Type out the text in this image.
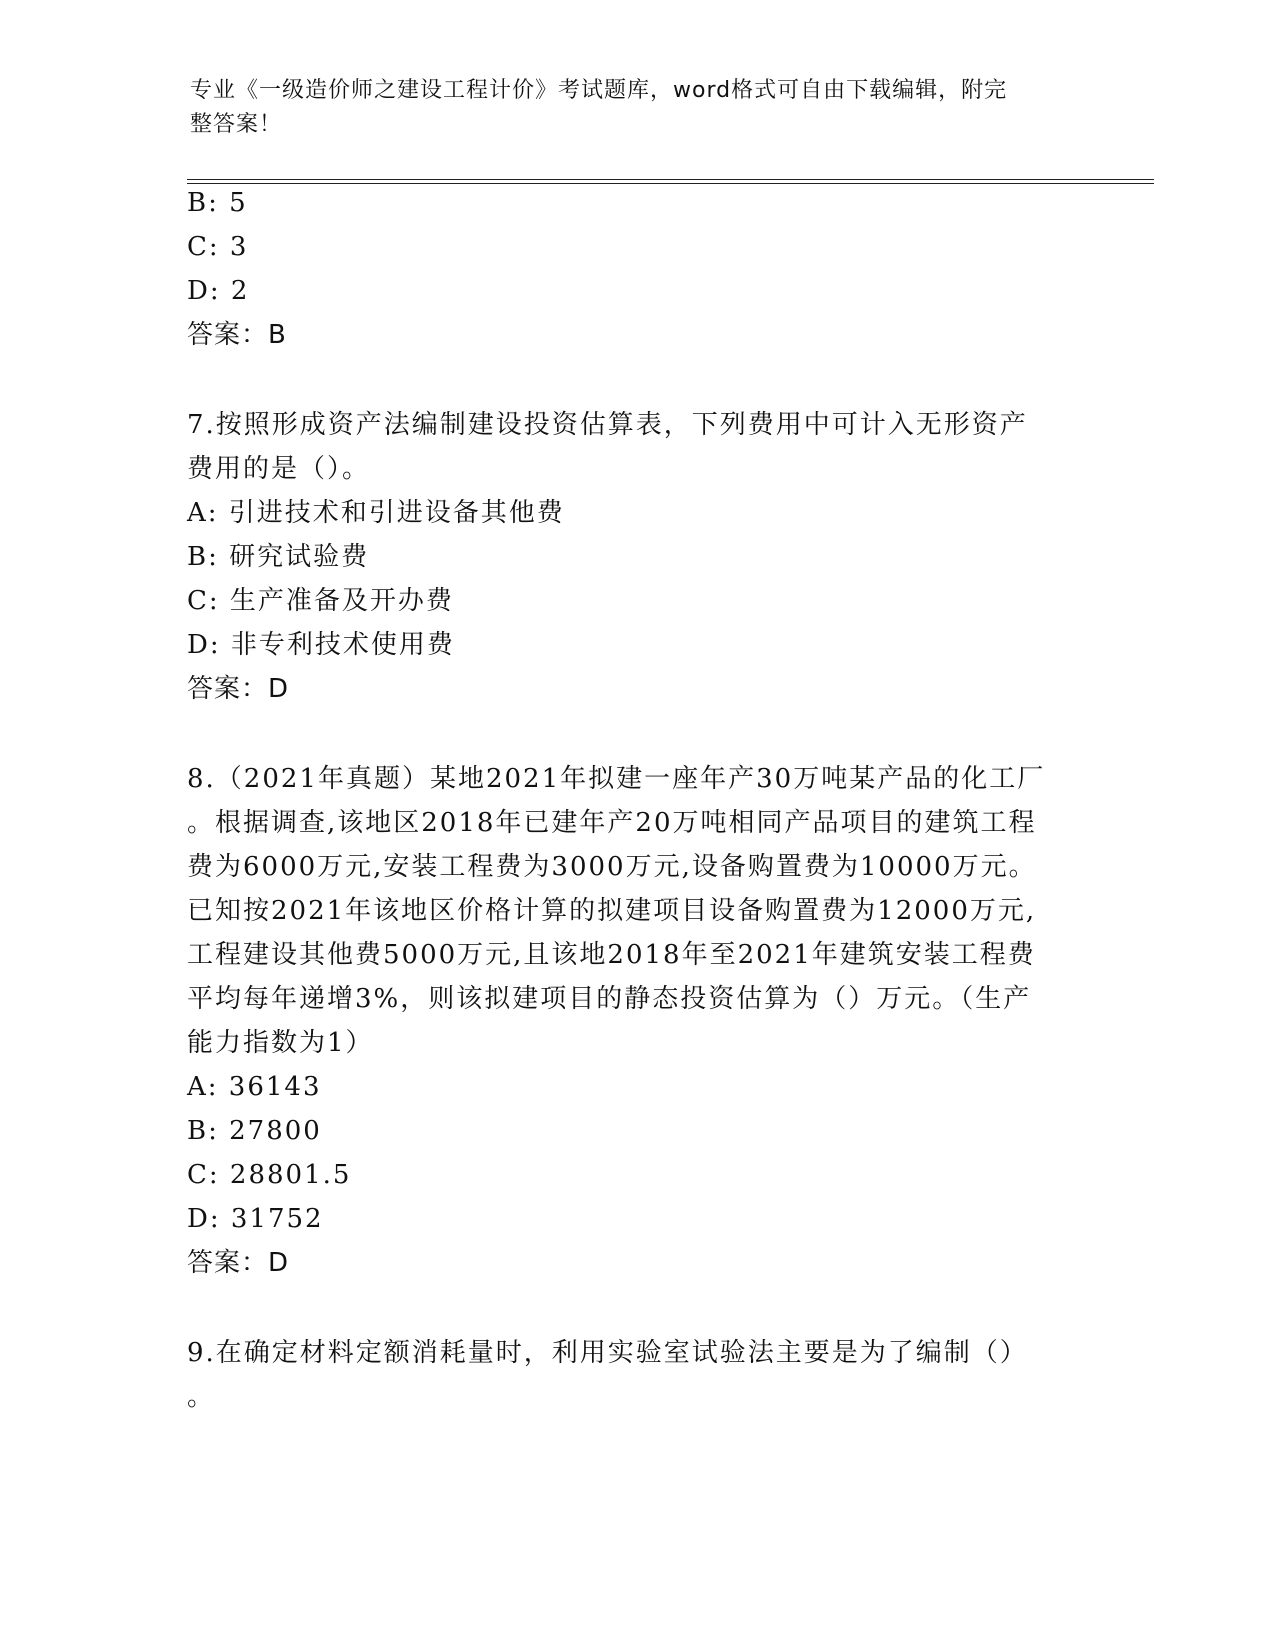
专业《一级造价师之建设工程计价》考试题库，word格式可自由下载编辑，附完
整答案！
B: 5
C: 3
D: 2
答案：B
7.按照形成资产法编制建设投资估算表，下列费用中可计入无形资产
费用的是（）。
A: 引进技术和引进设备其他费
B: 研究试验费
C: 生产准备及开办费
D: 非专利技术使用费
答案：D
8.（2021年真题）某地2021年拟建一座年产30万吨某产品的化工厂
。根据调查,该地区2018年已建年产20万吨相同产品项目的建筑工程
费为6000万元,安装工程费为3000万元,设备购置费为10000万元。
已知按2021年该地区价格计算的拟建项目设备购置费为12000万元,
工程建设其他费5000万元,且该地2018年至2021年建筑安装工程费
平均每年递增3%，则该拟建项目的静态投资估算为（）万元。（生产
能力指数为1）
A: 36143
B: 27800
C: 28801.5
D: 31752
答案：D
9.在确定材料定额消耗量时，利用实验室试验法主要是为了编制（）
。
